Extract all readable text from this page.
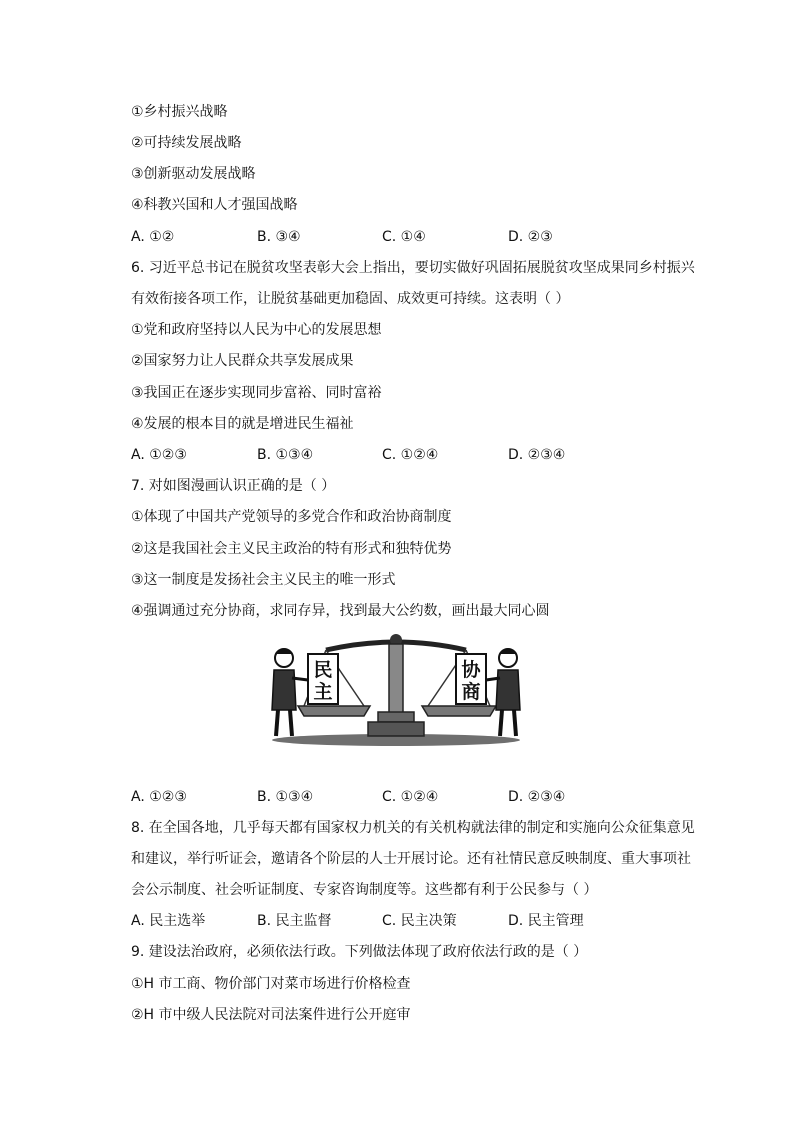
①乡村振兴战略
②可持续发展战略
③创新驱动发展战略
④科教兴国和人才强国战略
A. ①②	B. ③④	C. ①④	D. ②③
6. 习近平总书记在脱贫攻坚表彰大会上指出，要切实做好巩固拓展脱贫攻坚成果同乡村振兴
有效衔接各项工作，让脱贫基础更加稳固、成效更可持续。这表明（ ）
①党和政府坚持以人民为中心的发展思想
②国家努力让人民群众共享发展成果
③我国正在逐步实现同步富裕、同时富裕
④发展的根本目的就是增进民生福祉
A. ①②③	B. ①③④	C. ①②④	D. ②③④
7. 对如图漫画认识正确的是（ ）
①体现了中国共产党领导的多党合作和政治协商制度
②这是我国社会主义民主政治的特有形式和独特优势
③这一制度是发扬社会主义民主的唯一形式
④强调通过充分协商，求同存异，找到最大公约数，画出最大同心圆
民
主
协
商
A. ①②③	B. ①③④	C. ①②④	D. ②③④
8. 在全国各地，几乎每天都有国家权力机关的有关机构就法律的制定和实施向公众征集意见
和建议，举行听证会，邀请各个阶层的人士开展讨论。还有社情民意反映制度、重大事项社
会公示制度、社会听证制度、专家咨询制度等。这些都有利于公民参与（ ）
A. 民主选举	B. 民主监督	C. 民主决策	D. 民主管理
9. 建设法治政府，必须依法行政。下列做法体现了政府依法行政的是（ ）
①H 市工商、物价部门对菜市场进行价格检查
②H 市中级人民法院对司法案件进行公开庭审
